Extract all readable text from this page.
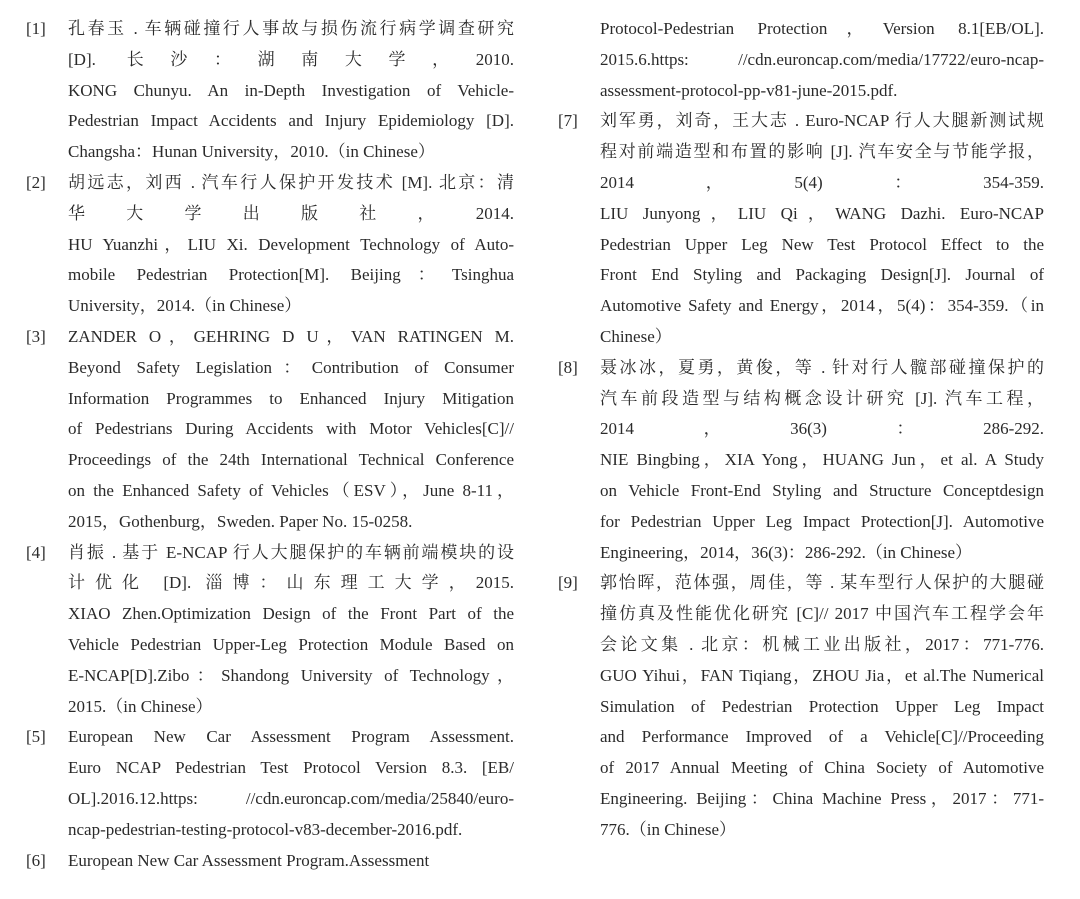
[1]	孔春玉 . 车辆碰撞行人事故与损伤流行病学调查研究
[D]. 长沙：湖南大学，2010.
KONG Chunyu. An in-Depth Investigation of Vehicle-
Pedestrian Impact Accidents and Injury Epidemiology [D].
Changsha：Hunan University，2010.（in Chinese）
[2]	胡远志，刘西 . 汽车行人保护开发技术 [M]. 北京：清
华大学出版社，2014.
HU Yuanzhi，LIU Xi. Development Technology of Auto-
mobile Pedestrian Protection[M]. Beijing：Tsinghua
University，2014.（in Chinese）
[3]	ZANDER O，GEHRING D U，VAN RATINGEN M.
Beyond Safety Legislation：Contribution of Consumer
Information Programmes to Enhanced Injury Mitigation
of Pedestrians During Accidents with Motor Vehicles[C]//
Proceedings of the 24th International Technical Conference
on the Enhanced Safety of Vehicles（ESV），June 8-11，
2015，Gothenburg，Sweden. Paper No. 15-0258.
[4]	肖振 . 基于 E-NCAP 行人大腿保护的车辆前端模块的设
计优化 [D]. 淄博：山东理工大学，2015.
XIAO Zhen.Optimization Design of the Front Part of the
Vehicle Pedestrian Upper-Leg Protection Module Based on
E-NCAP[D].Zibo：Shandong University of Technology，
2015.（in Chinese）
[5]	European New Car Assessment Program Assessment.
Euro NCAP Pedestrian Test Protocol Version 8.3. [EB/
OL].2016.12.https: //cdn.euroncap.com/media/25840/euro-
ncap-pedestrian-testing-protocol-v83-december-2016.pdf.
[6]	European New Car Assessment Program.Assessment
Protocol-Pedestrian Protection，Version 8.1[EB/OL].
2015.6.https: //cdn.euroncap.com/media/17722/euro-ncap-
assessment-protocol-pp-v81-june-2015.pdf.
[7]	刘军勇，刘奇，王大志 . Euro-NCAP 行人大腿新测试规
程对前端造型和布置的影响 [J]. 汽车安全与节能学报，
2014，5(4)：354-359.
LIU Junyong，LIU Qi，WANG Dazhi. Euro-NCAP
Pedestrian Upper Leg New Test Protocol Effect to the
Front End Styling and Packaging Design[J]. Journal of
Automotive Safety and Energy，2014，5(4)：354-359.（in
Chinese）
[8]	聂冰冰，夏勇，黄俊，等 . 针对行人髋部碰撞保护的
汽车前段造型与结构概念设计研究 [J]. 汽车工程，
2014，36(3)：286-292.
NIE Bingbing，XIA Yong，HUANG Jun，et al. A Study
on Vehicle Front-End Styling and Structure Conceptdesign
for Pedestrian Upper Leg Impact Protection[J]. Automotive
Engineering，2014，36(3)：286-292.（in Chinese）
[9]	郭怡晖，范体强，周佳，等 . 某车型行人保护的大腿碰
撞仿真及性能优化研究 [C]// 2017 中国汽车工程学会年
会论文集 . 北京：机械工业出版社，2017：771-776.
GUO Yihui，FAN Tiqiang，ZHOU Jia，et al.The Numerical
Simulation of Pedestrian Protection Upper Leg Impact
and Performance Improved of a Vehicle[C]//Proceeding
of 2017 Annual Meeting of China Society of Automotive
Engineering. Beijing：China Machine Press，2017：771-
776.（in Chinese）
